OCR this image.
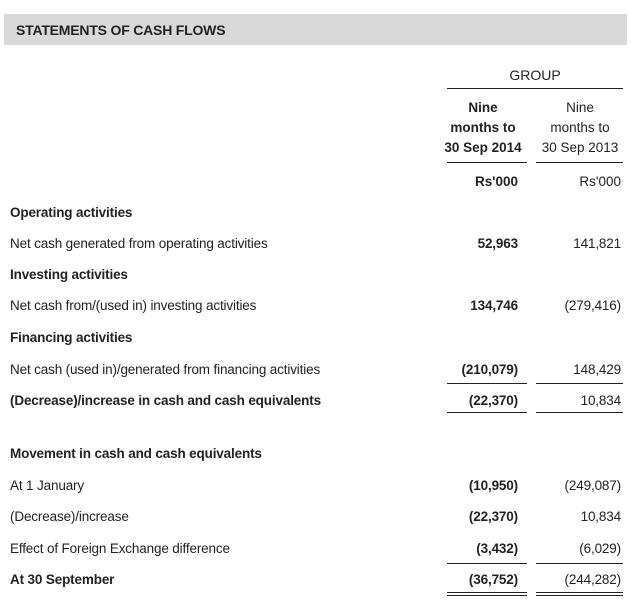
STATEMENTS OF CASH FLOWS
GROUP
Nine
months to
30 Sep 2014
Nine
months to
30 Sep 2013
Rs'000	Rs'000
Operating activities
Net cash generated from operating activities	52,963	141,821
Investing activities
Net cash from/(used in) investing activities	134,746	(279,416)
Financing activities
Net cash (used in)/generated from financing activities	(210,079)	148,429
(Decrease)/increase in cash and cash equivalents	(22,370)	10,834
Movement in cash and cash equivalents
At 1 January	(10,950)	(249,087)
(Decrease)/increase	(22,370)	10,834
Effect of Foreign Exchange difference	(3,432)	(6,029)
At 30 September	(36,752)	(244,282)
